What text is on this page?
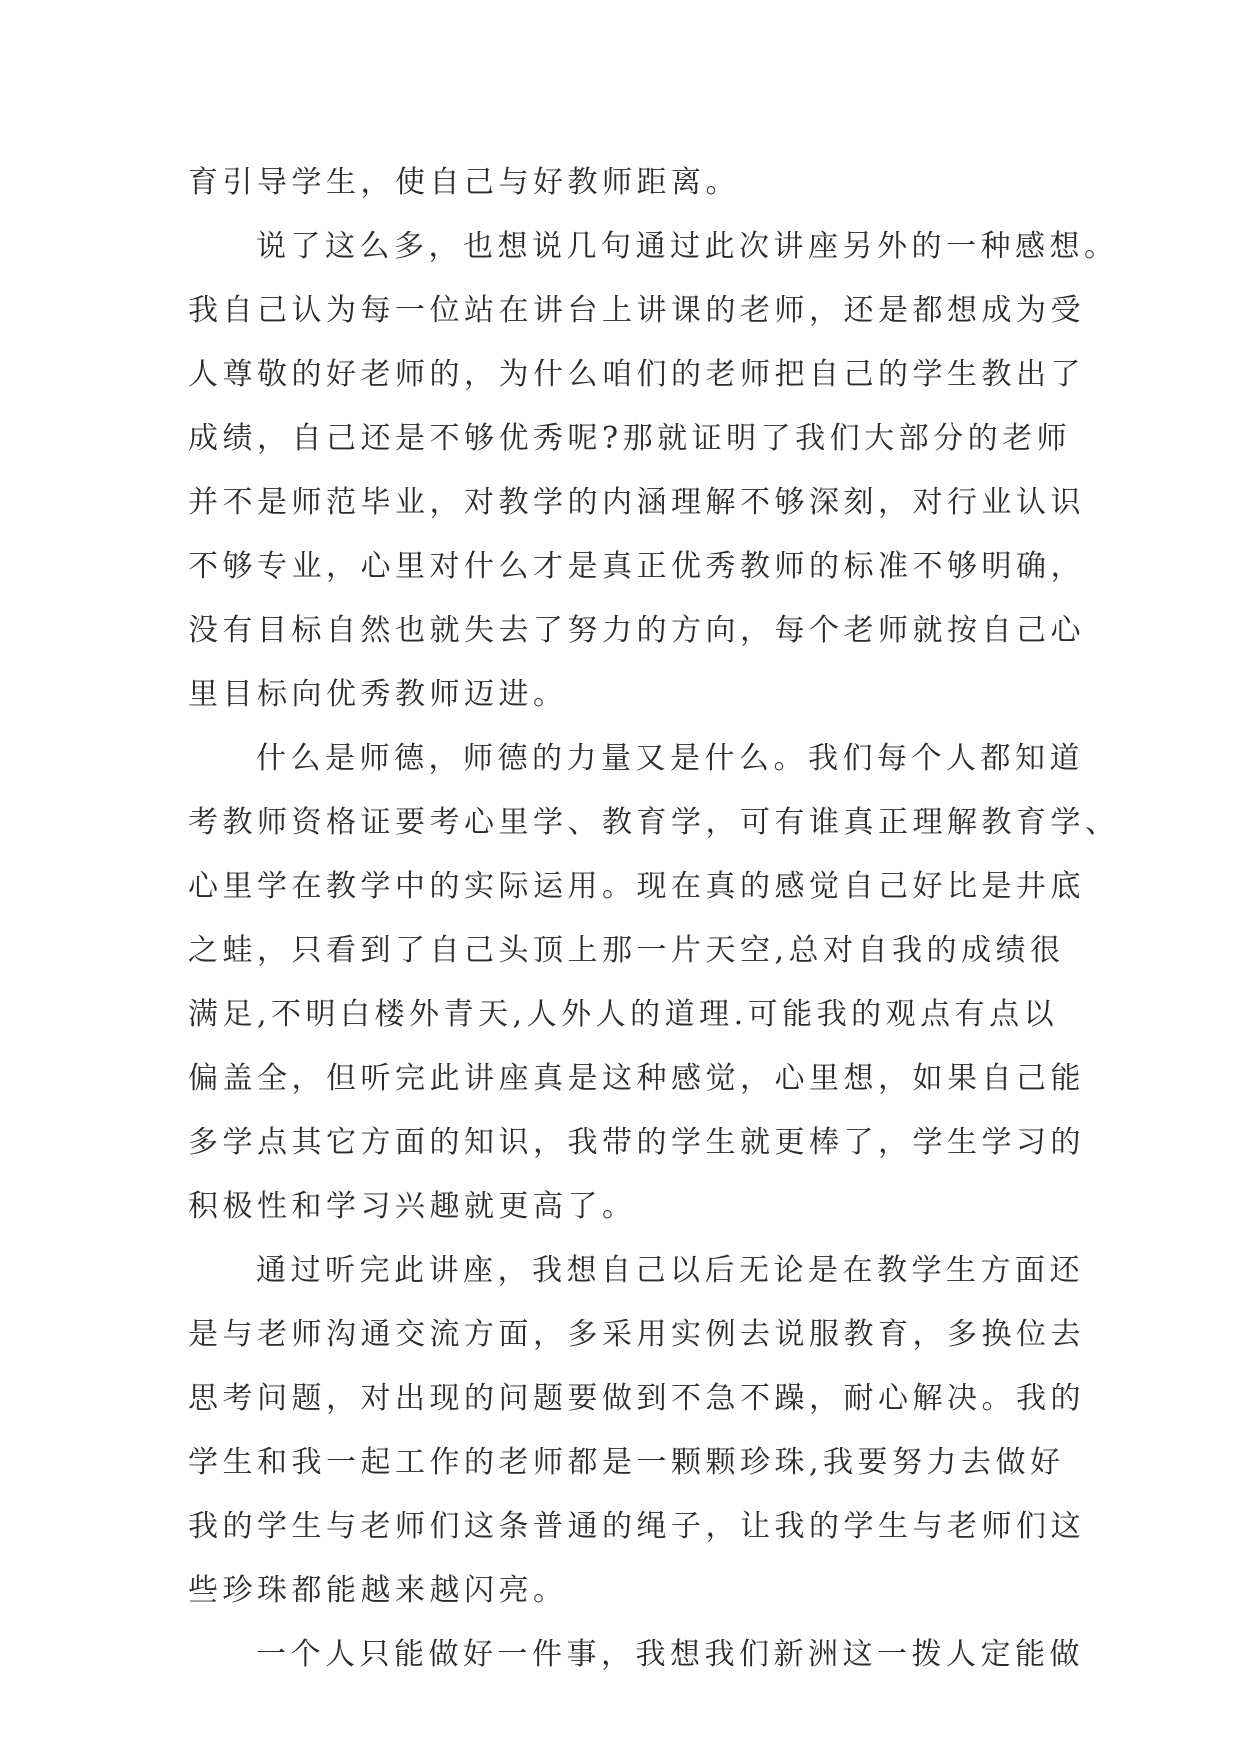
育引导学生，使自己与好教师距离。
说了这么多，也想说几句通过此次讲座另外的一种感想。
我自己认为每一位站在讲台上讲课的老师，还是都想成为受
人尊敬的好老师的，为什么咱们的老师把自己的学生教出了
成绩，自己还是不够优秀呢?那就证明了我们大部分的老师
并不是师范毕业，对教学的内涵理解不够深刻，对行业认识
不够专业，心里对什么才是真正优秀教师的标准不够明确，
没有目标自然也就失去了努力的方向，每个老师就按自己心
里目标向优秀教师迈进。
什么是师德，师德的力量又是什么。我们每个人都知道
考教师资格证要考心里学、教育学，可有谁真正理解教育学、
心里学在教学中的实际运用。现在真的感觉自己好比是井底
之蛙，只看到了自己头顶上那一片天空,总对自我的成绩很
满足,不明白楼外青天,人外人的道理.可能我的观点有点以
偏盖全，但听完此讲座真是这种感觉，心里想，如果自己能
多学点其它方面的知识，我带的学生就更棒了，学生学习的
积极性和学习兴趣就更高了。
通过听完此讲座，我想自己以后无论是在教学生方面还
是与老师沟通交流方面，多采用实例去说服教育，多换位去
思考问题，对出现的问题要做到不急不躁，耐心解决。我的
学生和我一起工作的老师都是一颗颗珍珠,我要努力去做好
我的学生与老师们这条普通的绳子，让我的学生与老师们这
些珍珠都能越来越闪亮。
一个人只能做好一件事，我想我们新洲这一拨人定能做
